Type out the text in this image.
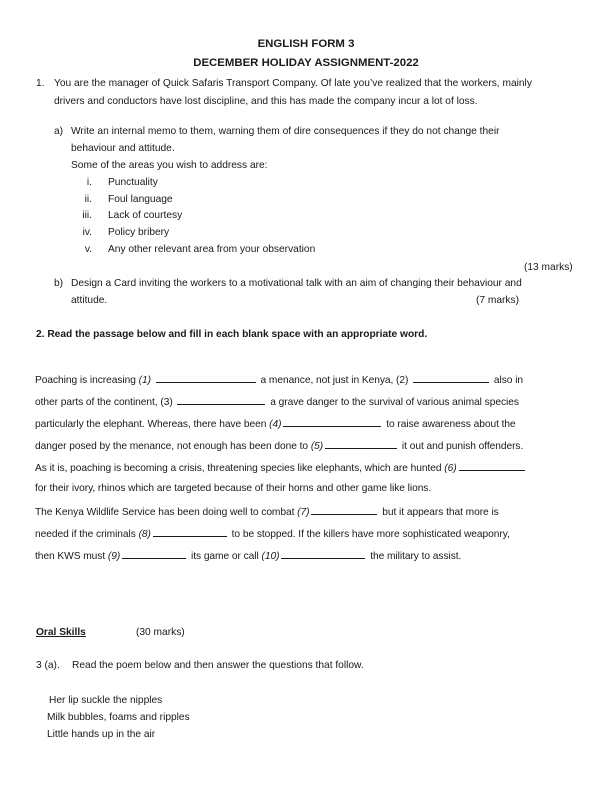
ENGLISH FORM 3
DECEMBER HOLIDAY ASSIGNMENT-2022
1. You are the manager of Quick Safaris Transport Company. Of late you’ve realized that the workers, mainly
drivers and conductors have lost discipline, and this has made the company incur a lot of loss.
a) Write an internal memo to them, warning them of dire consequences if they do not change their
behaviour and attitude.
Some of the areas you wish to address are:
i. Punctuality
ii. Foul language
iii. Lack of courtesy
iv. Policy bribery
v. Any other relevant area from your observation
(13 marks)
b) Design a Card inviting the workers to a motivational talk with an aim of changing their behaviour and
attitude.	(7 marks)
2. Read the passage below and fill in each blank space with an appropriate word.
Poaching is increasing (1)	a menance, not just in Kenya, (2)	also in
other parts of the continent, (3)	a grave danger to the survival of various animal species
particularly the elephant. Whereas, there have been (4)	to raise awareness about the
danger posed by the menance, not enough has been done to (5)	it out and punish offenders.
As it is, poaching is becoming a crisis, threatening species like elephants, which are hunted (6)
for their ivory, rhinos which are targeted because of their horns and other game like lions.
The Kenya Wildlife Service has been doing well to combat (7)	but it appears that more is
needed if the criminals (8)	to be stopped. If the killers have more sophisticated weaponry,
then KWS must (9)	its game or call (10)	the military to assist.
Oral Skills	(30 marks)
3 (a). Read the poem below and then answer the questions that follow.
Her lip suckle the nipples
Milk bubbles, foams and ripples
Little hands up in the air
